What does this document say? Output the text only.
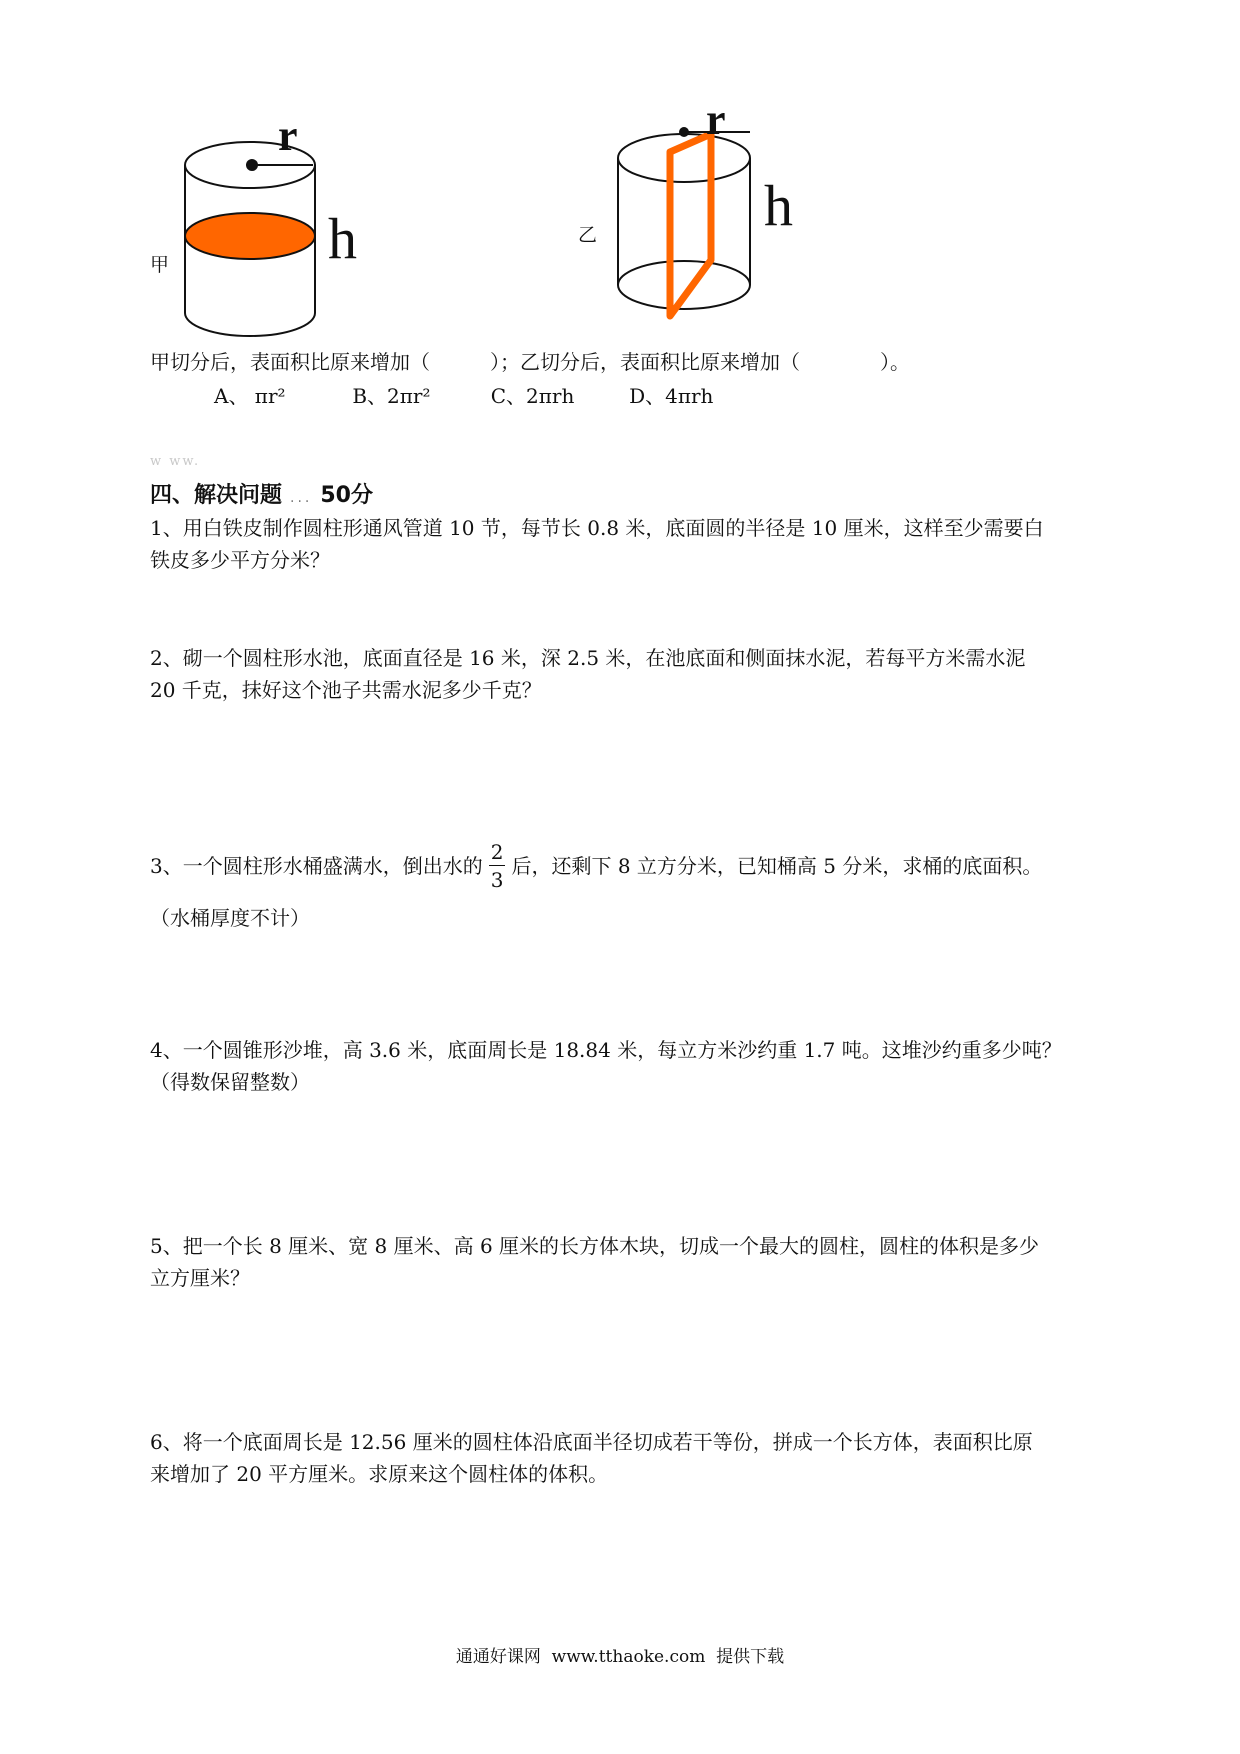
甲
r
h	乙
r
h
甲切分后，表面积比原来增加（　　　）；乙切分后，表面积比原来增加（　　　　）。
A、 πr²	B、2πr²	C、2πrh	D、4πrh
w ww.
四、解决问题 ... 50分
1、用白铁皮制作圆柱形通风管道 10 节，每节长 0.8 米，底面圆的半径是 10 厘米，这样至少需要白
铁皮多少平方分米？
2、砌一个圆柱形水池，底面直径是 16 米，深 2.5 米，在池底面和侧面抹水泥，若每平方米需水泥
20 千克，抹好这个池子共需水泥多少千克？
3、一个圆柱形水桶盛满水，倒出水的 $\frac{2}{3}$ 后，还剩下 8 立方分米，已知桶高 5 分米，求桶的底面积。
（水桶厚度不计）
4、一个圆锥形沙堆，高 3.6 米，底面周长是 18.84 米，每立方米沙约重 1.7 吨。这堆沙约重多少吨？
（得数保留整数）
5、把一个长 8 厘米、宽 8 厘米、高 6 厘米的长方体木块，切成一个最大的圆柱，圆柱的体积是多少
立方厘米？
6、将一个底面周长是 12.56 厘米的圆柱体沿底面半径切成若干等份，拼成一个长方体，表面积比原
来增加了 20 平方厘米。求原来这个圆柱体的体积。
通通好课网  www.tthaoke.com  提供下载
